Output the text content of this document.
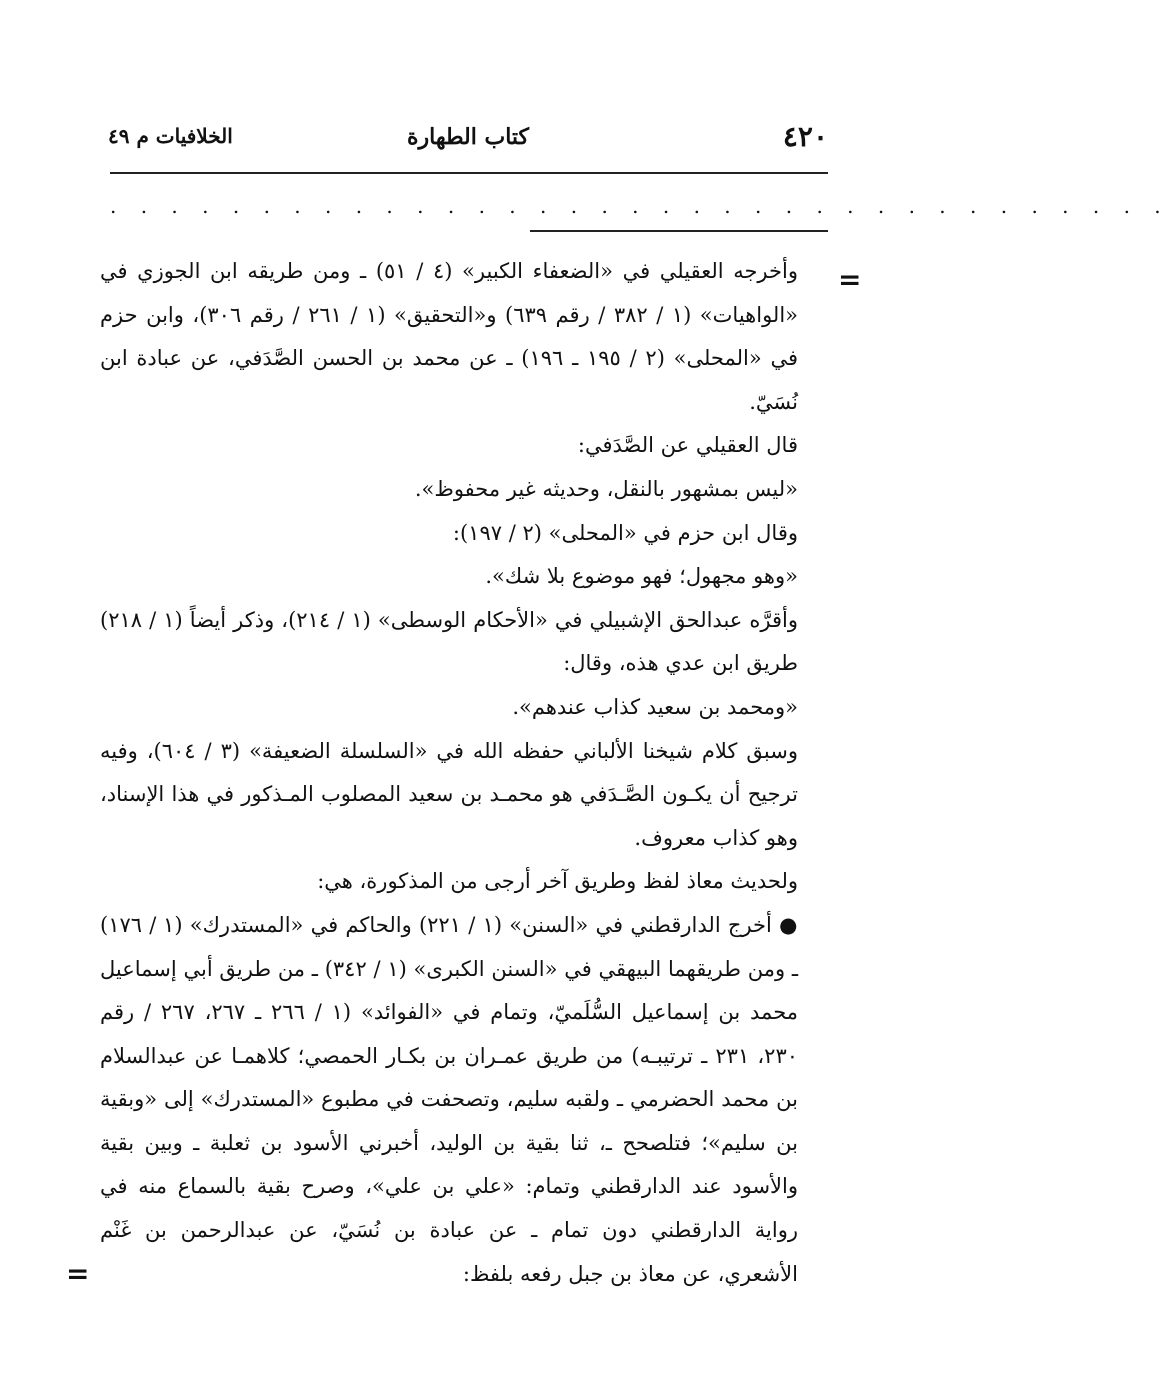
٤٢٠
كتاب الطهارة
الخلافيات م ٤٩
. . . . . . . . . . . . . . . . . . . . . . . . . . . . . . . . . . .
=
=

وأخرجه العقيلي في «الضعفاء الكبير» (٤ / ٥١) ـ ومن طريقه ابن الجوزي في «الواهيات» (١ / ٣٨٢ / رقم ٦٣٩) و«التحقيق» (١ / ٢٦١ / رقم ٣٠٦)، وابن حزم في «المحلى» (٢ / ١٩٥ ـ ١٩٦) ـ عن محمد بن الحسن الصَّدَفي، عن عبادة ابن نُسَيّ.

قال العقيلي عن الصَّدَفي:

«ليس بمشهور بالنقل، وحديثه غير محفوظ».

وقال ابن حزم في «المحلى» (٢ / ١٩٧):

«وهو مجهول؛ فهو موضوع بلا شك».

وأقرَّه عبدالحق الإشبيلي في «الأحكام الوسطى» (١ / ٢١٤)، وذكر أيضاً (١ / ٢١٨) طريق ابن عدي هذه، وقال:

«ومحمد بن سعيد كذاب عندهم».

وسبق كلام شيخنا الألباني حفظه الله في «السلسلة الضعيفة» (٣ / ٦٠٤)، وفيه ترجيح أن يكـون الصَّـدَفي هو محمـد بن سعيد المصلوب المـذكور في هذا الإسناد، وهو كذاب معروف.

ولحديث معاذ لفظ وطريق آخر أرجى من المذكورة، هي:

● أخرج الدارقطني في «السنن» (١ / ٢٢١) والحاكم في «المستدرك» (١ / ١٧٦) ـ ومن طريقهما البيهقي في «السنن الكبرى» (١ / ٣٤٢) ـ من طريق أبي إسماعيل محمد بن إسماعيل السُّلَميّ، وتمام في «الفوائد» (١ / ٢٦٦ ـ ٢٦٧، ٢٦٧ / رقم ٢٣٠، ٢٣١ ـ ترتيبـه) من طريق عمـران بن بكـار الحمصي؛ كلاهمـا عن عبدالسلام بن محمد الحضرمي ـ ولقبه سليم، وتصحفت في مطبوع «المستدرك» إلى «وبقية بن سليم»؛ فتلصحح ـ، ثنا بقية بن الوليد، أخبرني الأسود بن ثعلبة ـ وبين بقية والأسود عند الدارقطني وتمام: «علي بن علي»، وصرح بقية بالسماع منه في رواية الدارقطني دون تمام ـ عن عبادة بن نُسَيّ، عن عبدالرحمن بن غَنْم الأشعري، عن معاذ بن جبل رفعه بلفظ:
